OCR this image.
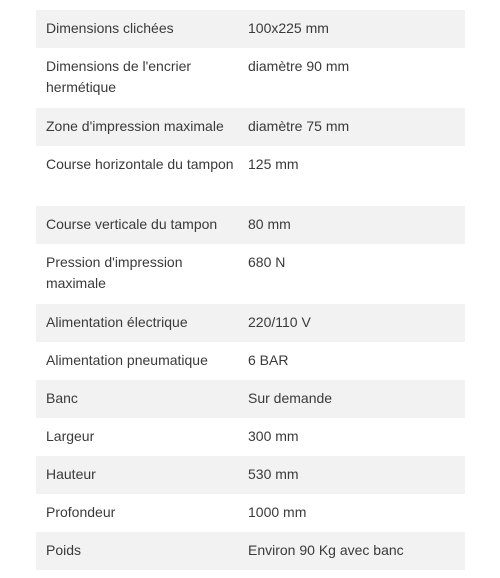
Dimensions clichées	100x225 mm
Dimensions de l'encrier hermétique	diamètre 90 mm
Zone d'impression maximale	diamètre 75 mm
Course horizontale du tampon	125 mm
Course verticale du tampon	80 mm
Pression d'impression maximale	680 N
Alimentation électrique	220/110 V
Alimentation pneumatique	6 BAR
Banc	Sur demande
Largeur	300 mm
Hauteur	530 mm
Profondeur	1000 mm
Poids	Environ 90 Kg avec banc
